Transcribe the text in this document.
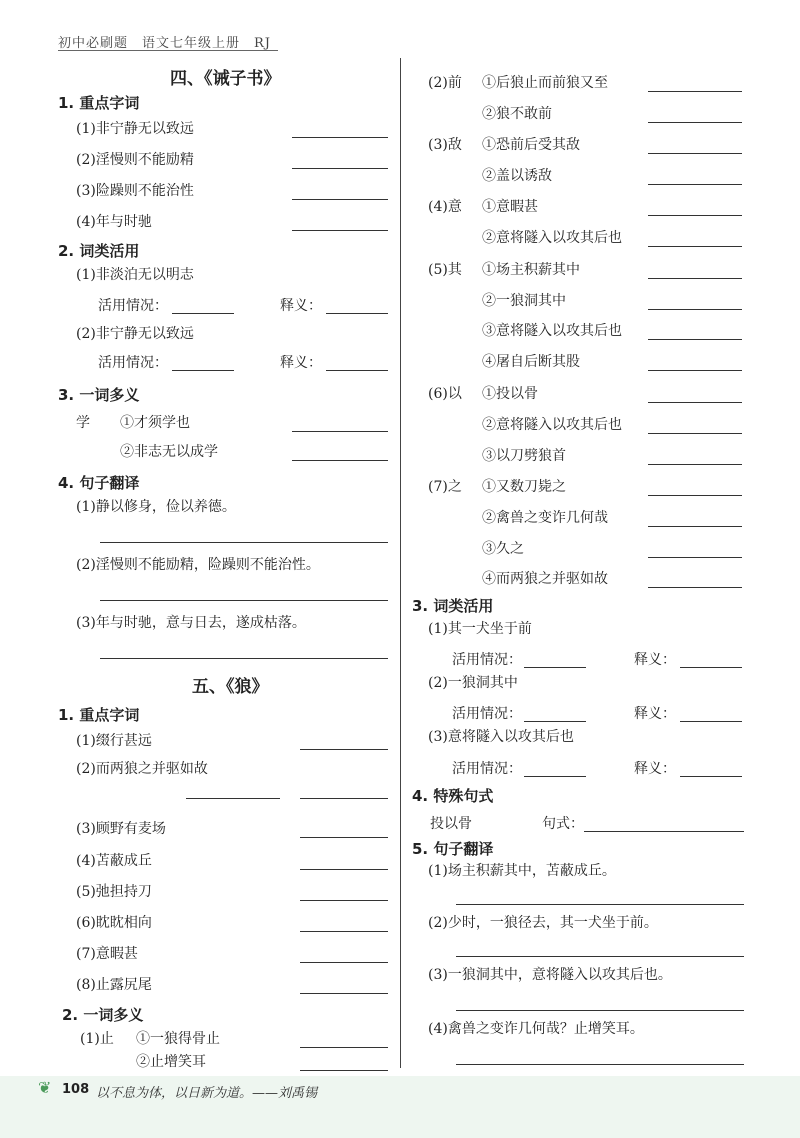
初中必刷题　语文七年级上册　RJ
四、《诫子书》
1. 重点字词
(1)非宁静无以致远
(2)淫慢则不能励精
(3)险躁则不能治性
(4)年与时驰
2. 词类活用
(1)非淡泊无以明志
活用情况：	释义：
(2)非宁静无以致远
活用情况：	释义：
3. 一词多义
学 ①才须学也
②非志无以成学
4. 句子翻译
(1)静以修身，俭以养德。
(2)淫慢则不能励精，险躁则不能治性。
(3)年与时驰，意与日去，遂成枯落。
五、《狼》
1. 重点字词
(1)缀行甚远
(2)而两狼之并驱如故
(3)顾野有麦场
(4)苫蔽成丘
(5)弛担持刀
(6)眈眈相向
(7)意暇甚
(8)止露尻尾
2. 一词多义
(1)止 ①一狼得骨止
②止增笑耳
(2)前 ①后狼止而前狼又至
②狼不敢前
(3)敌 ①恐前后受其敌
②盖以诱敌
(4)意 ①意暇甚
②意将隧入以攻其后也
(5)其 ①场主积薪其中
②一狼洞其中
③意将隧入以攻其后也
④屠自后断其股
(6)以 ①投以骨
②意将隧入以攻其后也
③以刀劈狼首
(7)之 ①又数刀毙之
②禽兽之变诈几何哉
③久之
④而两狼之并驱如故
3. 词类活用
(1)其一犬坐于前
活用情况：	释义：
(2)一狼洞其中
活用情况：	释义：
(3)意将隧入以攻其后也
活用情况：	释义：
4. 特殊句式
投以骨	句式：
5. 句子翻译
(1)场主积薪其中，苫蔽成丘。
(2)少时，一狼径去，其一犬坐于前。
(3)一狼洞其中，意将隧入以攻其后也。
(4)禽兽之变诈几何哉？止增笑耳。
❦ 108 以不息为体，以日新为道。——刘禹锡
